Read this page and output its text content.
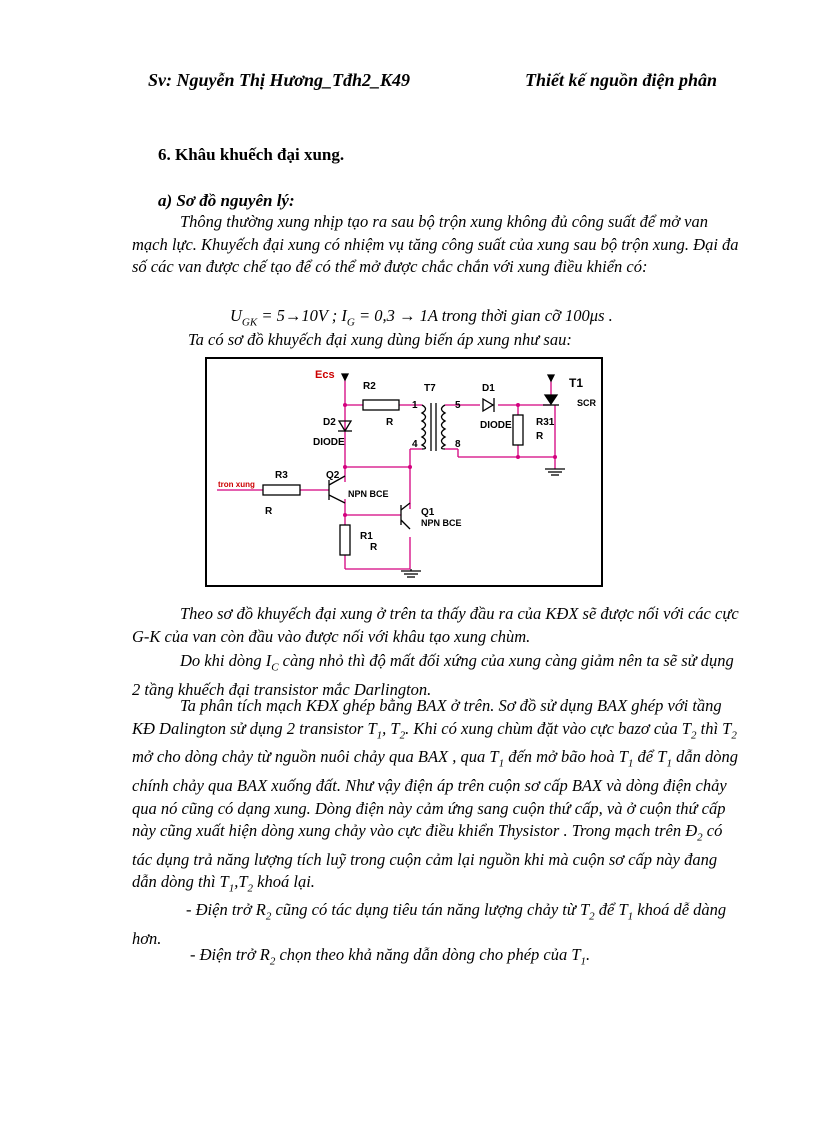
Sv: Nguyễn Thị Hương_Tđh2_K49	Thiết kế nguồn điện phân
6. Khâu khuếch đại xung.
a) Sơ đồ nguyên lý:
Thông thường xung nhịp tạo ra sau bộ trộn xung không đủ công suất để mở van mạch lực. Khuyếch đại xung có nhiệm vụ tăng công suất của xung sau bộ trộn xung. Đại đa số các van được chế tạo để có thể mở được chắc chắn với xung điều khiển có:
$U_{GK} = 5\to 10V$ ; $I_G = 0,3 \to 1A$ trong thời gian cỡ 100μs .
Ta có sơ đồ khuyếch đại xung dùng biến áp xung như sau:
Ecs
R2
R
T7
1
4
5
8
D1
DIODE
T1
SCR
R31
R
D2
DIODE
R3
R
tron xung
Q2
NPN BCE
Q1
NPN BCE
R1
R
Theo sơ đồ khuyếch đại xung ở trên ta thấy đầu ra của KĐX sẽ được nối với các cực G-K của van còn đầu vào được nối với khâu tạo xung chùm.
Do khi dòng $I_C$ càng nhỏ thì độ mất đối xứng của xung càng giảm nên ta sẽ sử dụng 2 tầng khuếch đại transistor mắc Darlington.
Ta phân tích mạch KĐX ghép bằng BAX ở trên. Sơ đồ sử dụng BAX ghép với tầng KĐ Dalington sử dụng 2 transistor $T_1$, $T_2$. Khi có xung chùm đặt vào cực bazơ của $T_2$ thì $T_2$ mở cho dòng chảy từ nguồn nuôi chảy qua BAX , qua $T_1$ đến mở bão hoà $T_1$ để $T_1$ dẫn dòng chính chảy qua BAX xuống đất. Như vậy điện áp trên cuộn sơ cấp BAX và dòng điện chảy qua nó cũng có dạng xung. Dòng điện này cảm ứng sang cuộn thứ cấp, và ở cuộn thứ cấp này cũng xuất hiện dòng xung chảy vào cực điều khiển Thysistor . Trong mạch trên $Đ_2$ có tác dụng trả năng lượng tích luỹ trong cuộn cảm lại nguồn khi mà cuộn sơ cấp này đang dẫn dòng thì $T_1,T_2$ khoá lại.
- Điện trở $R_2$ cũng có tác dụng tiêu tán năng lượng chảy từ $T_2$ để $T_1$ khoá dễ dàng hơn.
- Điện trở $R_2$ chọn theo khả năng dẫn dòng cho phép của $T_1$.
